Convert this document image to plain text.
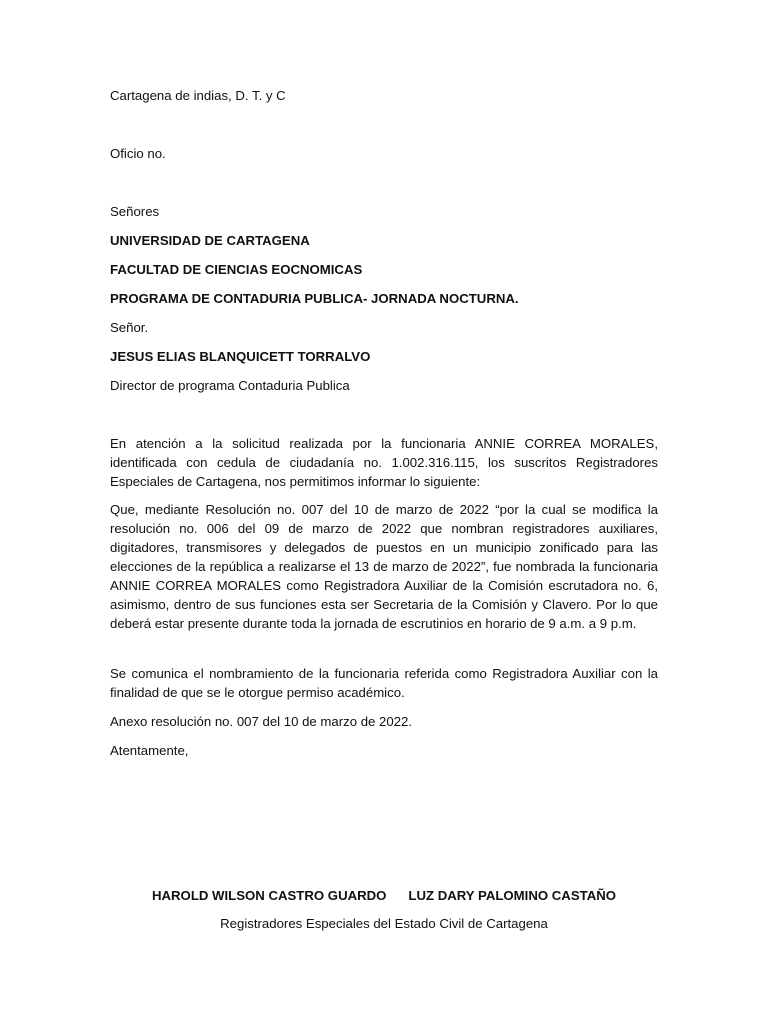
Cartagena de indias, D. T. y C
Oficio no.
Señores
UNIVERSIDAD DE CARTAGENA
FACULTAD DE CIENCIAS EOCNOMICAS
PROGRAMA DE CONTADURIA PUBLICA- JORNADA NOCTURNA.
Señor.
JESUS ELIAS BLANQUICETT TORRALVO
Director de programa Contaduria Publica
En atención a la solicitud realizada por la funcionaria ANNIE CORREA MORALES, identificada con cedula de ciudadanía no. 1.002.316.115, los suscritos Registradores Especiales de Cartagena, nos permitimos informar lo siguiente:
Que, mediante Resolución no. 007 del 10 de marzo de 2022 “por la cual se modifica la resolución no. 006 del 09 de marzo de 2022 que nombran registradores auxiliares, digitadores, transmisores y delegados de puestos en un municipio zonificado para las elecciones de la república a realizarse el 13 de marzo de 2022”, fue nombrada la funcionaria ANNIE CORREA MORALES como Registradora Auxiliar de la Comisión escrutadora no. 6, asimismo, dentro de sus funciones esta ser Secretaria de la Comisión y Clavero. Por lo que deberá estar presente durante toda la jornada de escrutinios en horario de 9 a.m. a 9 p.m.
Se comunica el nombramiento de la funcionaria referida como Registradora Auxiliar con la finalidad de que se le otorgue permiso académico.
Anexo resolución no. 007 del 10 de marzo de 2022.
Atentamente,
HAROLD WILSON CASTRO GUARDO LUZ DARY PALOMINO CASTAÑO
Registradores Especiales del Estado Civil de Cartagena
